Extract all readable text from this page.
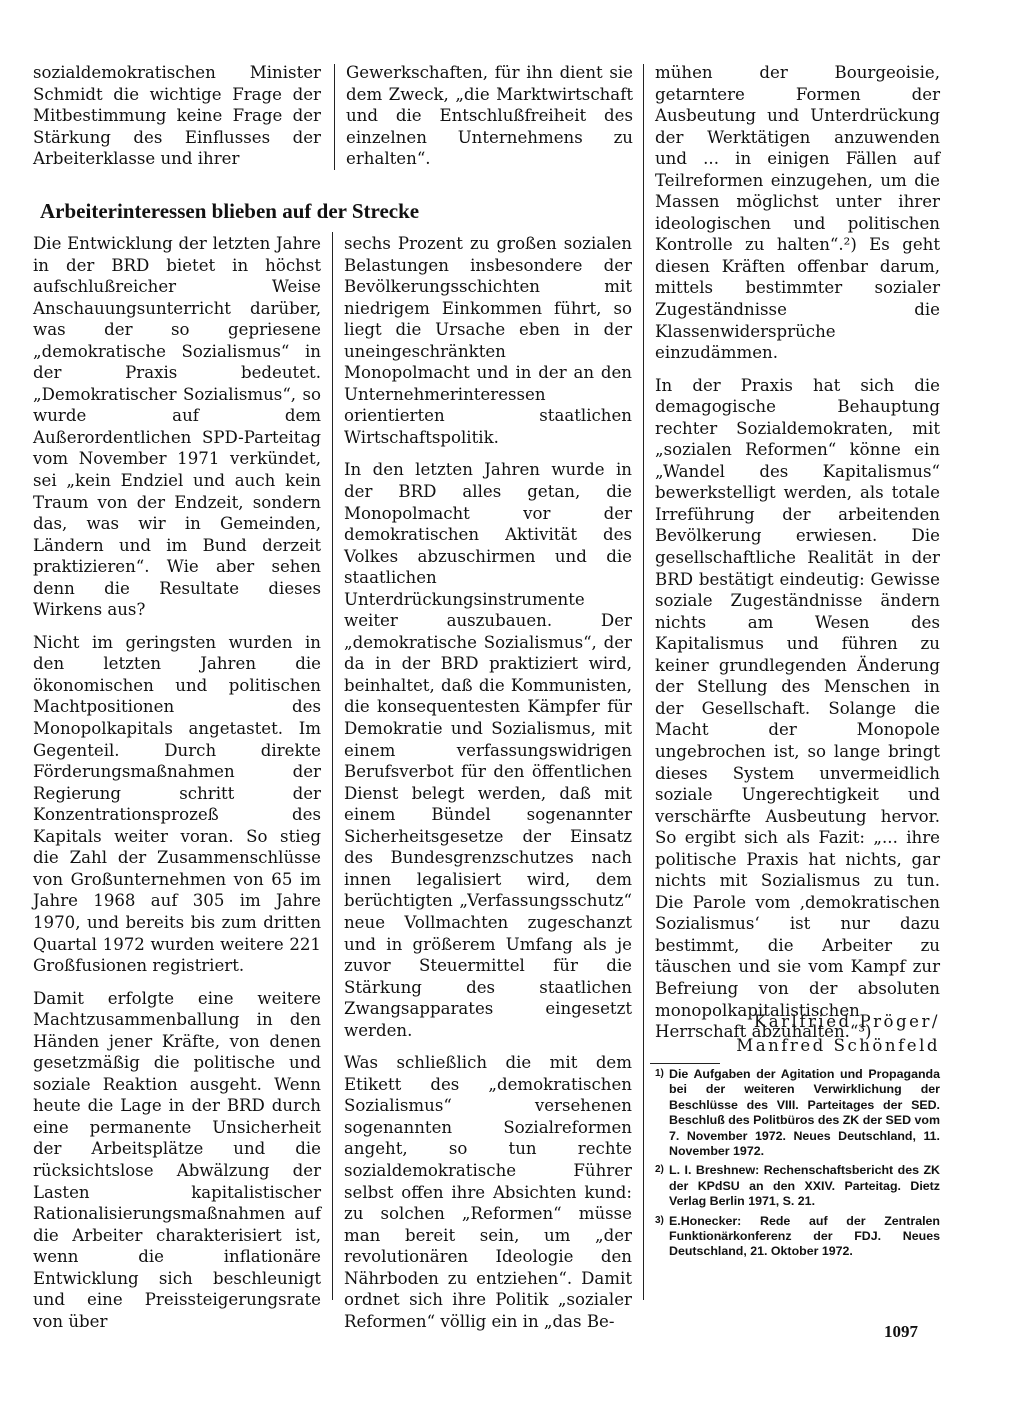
sozialdemokratischen Minister Schmidt die wichtige Frage der Mitbestimmung keine Frage der Stärkung des Einflusses der Arbeiterklasse und ihrer

Gewerkschaften, für ihn dient sie dem Zweck, „die Marktwirtschaft und die Entschlußfreiheit des einzelnen Unternehmens zu erhalten“.

Arbeiterinteressen blieben auf der Strecke

Die Entwicklung der letzten Jahre in der BRD bietet in höchst aufschlußreicher Weise Anschauungsunterricht darüber, was der so gepriesene „demokratische Sozialismus“ in der Praxis bedeutet. „Demokratischer Sozialismus“, so wurde auf dem Außerordentlichen SPD-Parteitag vom November 1971 verkündet, sei „kein Endziel und auch kein Traum von der Endzeit, sondern das, was wir in Gemeinden, Ländern und im Bund derzeit praktizieren“. Wie aber sehen denn die Resultate dieses Wirkens aus?

Nicht im geringsten wurden in den letzten Jahren die ökonomischen und politischen Machtpositionen des Monopolkapitals angetastet. Im Gegenteil. Durch direkte Förderungsmaßnahmen der Regierung schritt der Konzentrationsprozeß des Kapitals weiter voran. So stieg die Zahl der Zusammenschlüsse von Großunternehmen von 65 im Jahre 1968 auf 305 im Jahre 1970, und bereits bis zum dritten Quartal 1972 wurden weitere 221 Großfusionen registriert.

Damit erfolgte eine weitere Machtzusammenballung in den Händen jener Kräfte, von denen gesetzmäßig die politische und soziale Reaktion ausgeht. Wenn heute die Lage in der BRD durch eine permanente Unsicherheit der Arbeitsplätze und die rücksichtslose Abwälzung der Lasten kapitalistischer Rationalisierungsmaßnahmen auf die Arbeiter charakterisiert ist, wenn die inflationäre Entwicklung sich beschleunigt und eine Preissteigerungsrate von über

sechs Prozent zu großen sozialen Belastungen insbesondere der Bevölkerungsschichten mit niedrigem Einkommen führt, so liegt die Ursache eben in der uneingeschränkten Monopolmacht und in der an den Unternehmerinteressen orientierten staatlichen Wirtschaftspolitik.

In den letzten Jahren wurde in der BRD alles getan, die Monopolmacht vor der demokratischen Aktivität des Volkes abzuschirmen und die staatlichen Unterdrückungsinstrumente weiter auszubauen. Der „demokratische Sozialismus“, der da in der BRD praktiziert wird, beinhaltet, daß die Kommunisten, die konsequentesten Kämpfer für Demokratie und Sozialismus, mit einem verfassungswidrigen Berufsverbot für den öffentlichen Dienst belegt werden, daß mit einem Bündel sogenannter Sicherheitsgesetze der Einsatz des Bundesgrenzschutzes nach innen legalisiert wird, dem berüchtigten „Verfassungsschutz“ neue Vollmachten zugeschanzt und in größerem Umfang als je zuvor Steuermittel für die Stärkung des staatlichen Zwangsapparates eingesetzt werden.

Was schließlich die mit dem Etikett des „demokratischen Sozialismus“ versehenen sogenannten Sozialreformen angeht, so tun rechte sozialdemokratische Führer selbst offen ihre Absichten kund: zu solchen „Reformen“ müsse man bereit sein, um „der revolutionären Ideologie den Nährboden zu entziehen“. Damit ordnet sich ihre Politik „sozialer Reformen“ völlig ein in „das Be-

mühen der Bourgeoisie, getarntere Formen der Ausbeutung und Unterdrückung der Werktätigen anzuwenden und ... in einigen Fällen auf Teilreformen einzugehen, um die Massen möglichst unter ihrer ideologischen und politischen Kontrolle zu halten“.²) Es geht diesen Kräften offenbar darum, mittels bestimmter sozialer Zugeständnisse die Klassenwidersprüche einzudämmen.

In der Praxis hat sich die demagogische Behauptung rechter Sozialdemokraten, mit „sozialen Reformen“ könne ein „Wandel des Kapitalismus“ bewerkstelligt werden, als totale Irreführung der arbeitenden Bevölkerung erwiesen. Die gesellschaftliche Realität in der BRD bestätigt eindeutig: Gewisse soziale Zugeständnisse ändern nichts am Wesen des Kapitalismus und führen zu keiner grundlegenden Änderung der Stellung des Menschen in der Gesellschaft. Solange die Macht der Monopole ungebrochen ist, so lange bringt dieses System unvermeidlich soziale Ungerechtigkeit und verschärfte Ausbeutung hervor. So ergibt sich als Fazit: „... ihre politische Praxis hat nichts, gar nichts mit Sozialismus zu tun. Die Parole vom ‚demokratischen Sozialismus‘ ist nur dazu bestimmt, die Arbeiter zu täuschen und sie vom Kampf zur Befreiung von der absoluten monopolkapitalistischen Herrschaft abzuhalten.“³)

Karlfried Pröger/
Manfred Schönfeld
1) Die Aufgaben der Agitation und Propaganda bei der weiteren Verwirklichung der Beschlüsse des VIII. Parteitages der SED. Beschluß des Politbüros des ZK der SED vom 7. November 1972. Neues Deutschland, 11. November 1972.
2) L. I. Breshnew: Rechenschaftsbericht des ZK der KPdSU an den XXIV. Parteitag. Dietz Verlag Berlin 1971, S. 21.
3) E.Honecker: Rede auf der Zentralen Funktionärkonferenz der FDJ. Neues Deutschland, 21. Oktober 1972.
1097
